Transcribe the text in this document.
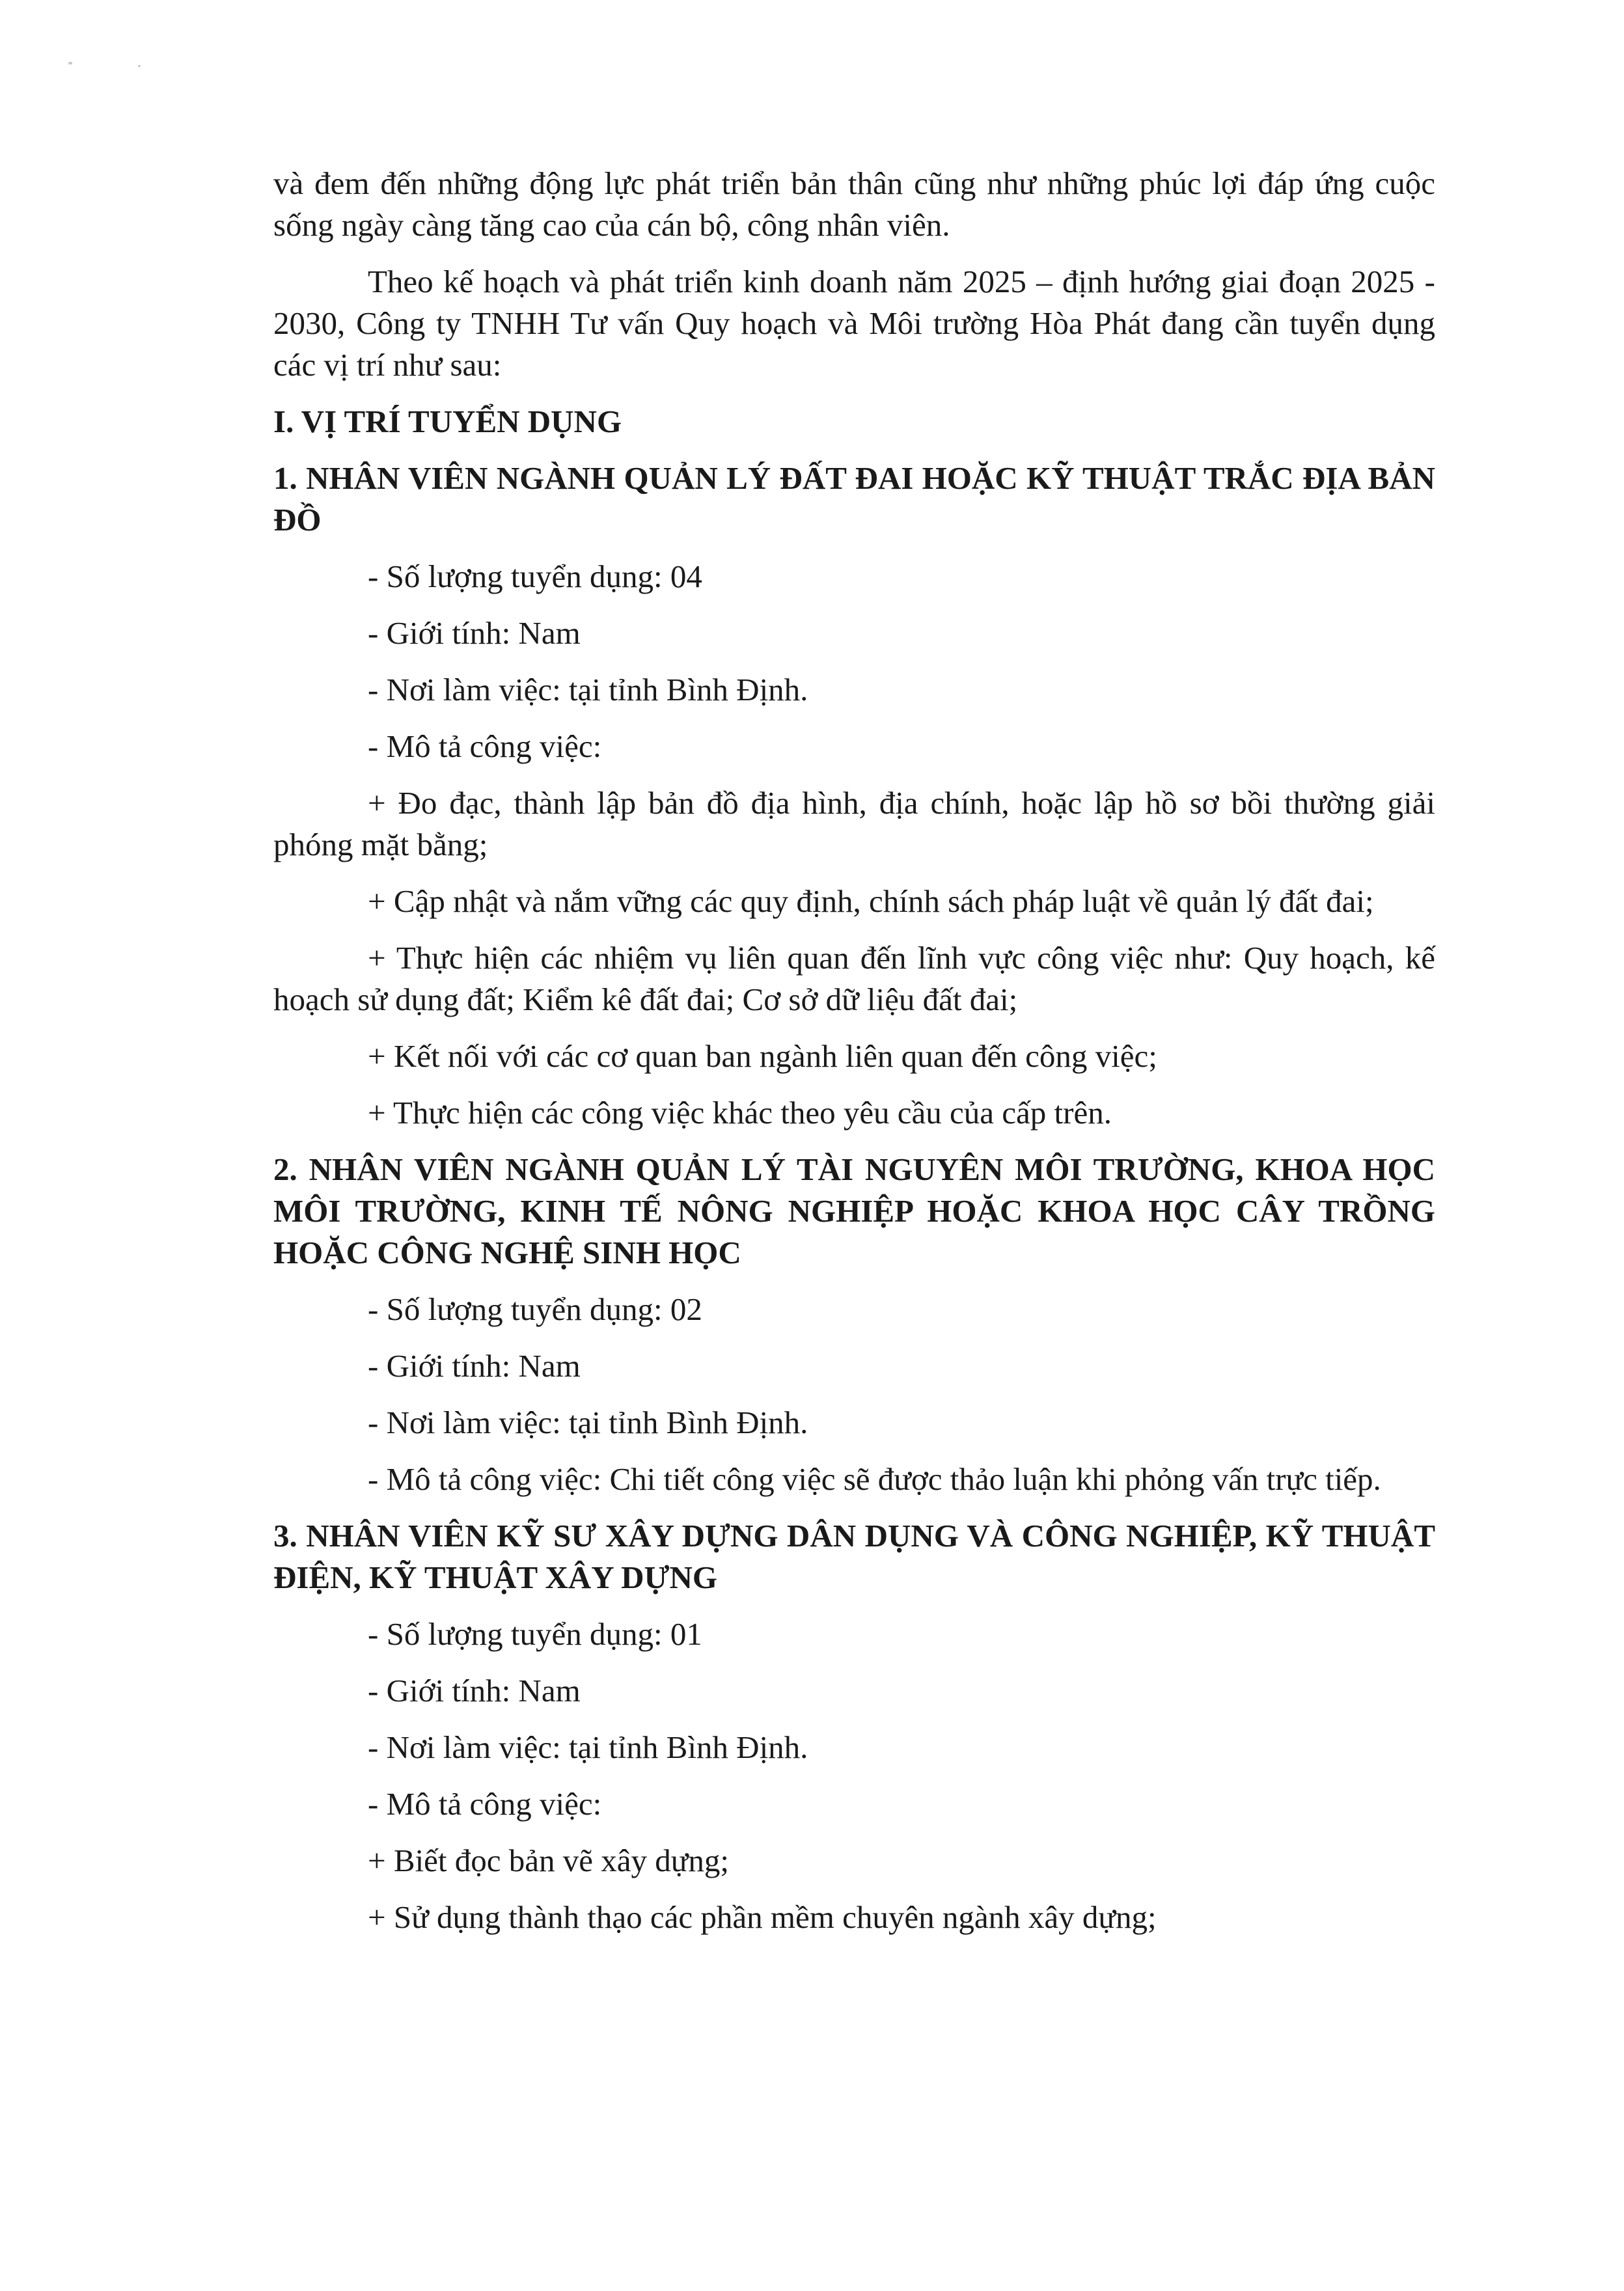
và đem đến những động lực phát triển bản thân cũng như những phúc lợi đáp ứng cuộc sống ngày càng tăng cao của cán bộ, công nhân viên.

Theo kế hoạch và phát triển kinh doanh năm 2025 – định hướng giai đoạn 2025 - 2030, Công ty TNHH Tư vấn Quy hoạch và Môi trường Hòa Phát đang cần tuyển dụng các vị trí như sau:

I. VỊ TRÍ TUYỂN DỤNG
1. NHÂN VIÊN NGÀNH QUẢN LÝ ĐẤT ĐAI HOẶC KỸ THUẬT TRẮC ĐỊA BẢN ĐỒ
- Số lượng tuyển dụng: 04
- Giới tính: Nam
- Nơi làm việc: tại tỉnh Bình Định.
- Mô tả công việc:
+ Đo đạc, thành lập bản đồ địa hình, địa chính, hoặc lập hồ sơ bồi thường giải phóng mặt bằng;
+ Cập nhật và nắm vững các quy định, chính sách pháp luật về quản lý đất đai;
+ Thực hiện các nhiệm vụ liên quan đến lĩnh vực công việc như: Quy hoạch, kế hoạch sử dụng đất; Kiểm kê đất đai; Cơ sở dữ liệu đất đai;
+ Kết nối với các cơ quan ban ngành liên quan đến công việc;
+ Thực hiện các công việc khác theo yêu cầu của cấp trên.
2. NHÂN VIÊN NGÀNH QUẢN LÝ TÀI NGUYÊN MÔI TRƯỜNG, KHOA HỌC MÔI TRƯỜNG, KINH TẾ NÔNG NGHIỆP HOẶC KHOA HỌC CÂY TRỒNG HOẶC CÔNG NGHỆ SINH HỌC
- Số lượng tuyển dụng: 02
- Giới tính: Nam
- Nơi làm việc: tại tỉnh Bình Định.
- Mô tả công việc: Chi tiết công việc sẽ được thảo luận khi phỏng vấn trực tiếp.
3. NHÂN VIÊN KỸ SƯ XÂY DỰNG DÂN DỤNG VÀ CÔNG NGHIỆP, KỸ THUẬT ĐIỆN, KỸ THUẬT XÂY DỰNG
- Số lượng tuyển dụng: 01
- Giới tính: Nam
- Nơi làm việc: tại tỉnh Bình Định.
- Mô tả công việc:
+ Biết đọc bản vẽ xây dựng;
+ Sử dụng thành thạo các phần mềm chuyên ngành xây dựng;
